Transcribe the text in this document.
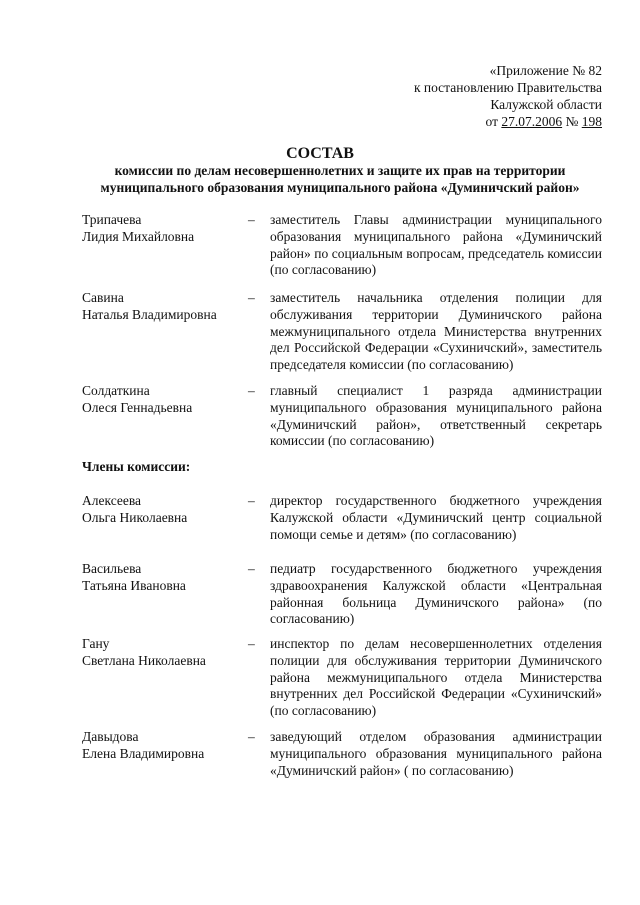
«Приложение № 82
к постановлению Правительства
Калужской области
от 27.07.2006 № 198
СОСТАВ
комиссии по делам несовершеннолетних и защите их прав на территории
муниципального образования муниципального района «Думиничский район»
Трипачева
Лидия Михайловна
–	заместитель Главы администрации муниципального образования муниципального района «Думиничский район» по социальным вопросам, председатель комиссии (по согласованию)
Савина
Наталья Владимировна
–	заместитель начальника отделения полиции для обслуживания территории Думиничского района межмуниципального отдела Министерства внутренних дел Российской Федерации «Сухиничский», заместитель председателя комиссии (по согласованию)
Солдаткина
Олеся Геннадьевна
–	главный специалист 1 разряда администрации муниципального образования муниципального района «Думиничский район», ответственный секретарь комиссии (по согласованию)
Члены комиссии:
Алексеева
Ольга Николаевна
–	директор государственного бюджетного учреждения Калужской области «Думиничский центр социальной помощи семье и детям» (по согласованию)
Васильева
Татьяна Ивановна
–	педиатр государственного бюджетного учреждения здравоохранения Калужской области «Центральная районная больница Думиничского района» (по согласованию)
Гану
Светлана Николаевна
–	инспектор по делам несовершеннолетних отделения полиции для обслуживания территории Думиничского района межмуниципального отдела Министерства внутренних дел Российской Федерации «Сухиничский» (по согласованию)
Давыдова
Елена Владимировна
–	заведующий отделом образования администрации муниципального образования муниципального района «Думиничский район» ( по согласованию)
